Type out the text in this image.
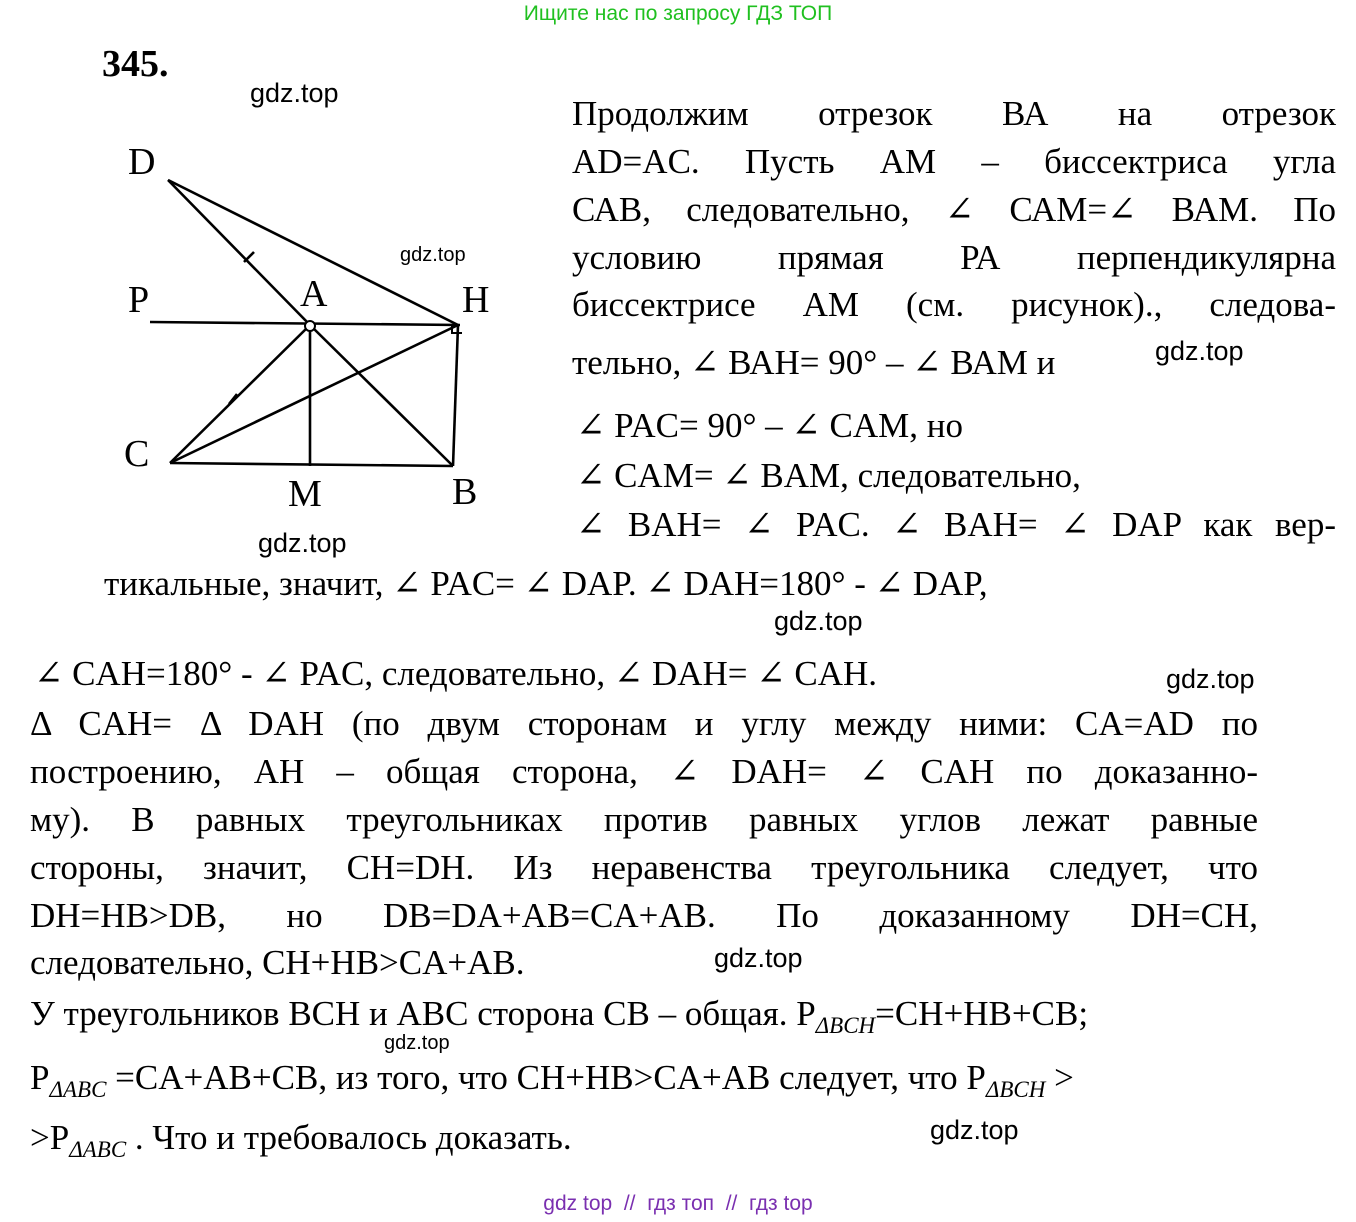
Ищите нас по запросу ГДЗ ТОП
345.
D
P	A	H
C
M	B
gdz.top
gdz.top
gdz.top
gdz.top
gdz.top
gdz.top
gdz.top
gdz.top
gdz.top
Продолжим отрезок ВА на отрезок
AD=AC. Пусть АМ – биссектриса угла
САВ, следовательно, ∠ САМ=∠ ВАМ. По
условию прямая РА перпендикулярна
биссектрисе АМ (см. рисунок)., следова-
тельно, ∠ ВАН= 90° – ∠ ВАМ и
∠ PAC= 90° – ∠ CAM, но
∠ CAM= ∠ BAM, следовательно,
∠ BAH= ∠ PAC. ∠ BAH= ∠ DAP как вер-
тикальные, значит, ∠ PAC= ∠ DAP. ∠ DAH=180° - ∠ DAP,
∠ CAH=180° - ∠ PAC, следовательно, ∠ DAH= ∠ CAH.
Δ CAH= Δ DAH (по двум сторонам и углу между ними: CA=AD по
построению, AH – общая сторона, ∠ DAH= ∠ CAH по доказанно-
му). В равных треугольниках против равных углов лежат равные
стороны, значит, CH=DH. Из неравенства треугольника следует, что
DH=HB>DB, но DB=DA+AB=CA+AB. По доказанному DH=CH,
следовательно, CH+HB>CA+AB.
У треугольников ВСН и АВС сторона СВ – общая. $P_{\Delta BCH}=CH+HB+CB$;
$P_{\Delta ABC} =CA+AB+CB$, из того, что CH+HB>CA+AB следует, что $P_{\Delta BCH}$ >
$>P_{\Delta ABC}$ . Что и требовалось доказать.
gdz top  //  гдз топ  //  гдз top
